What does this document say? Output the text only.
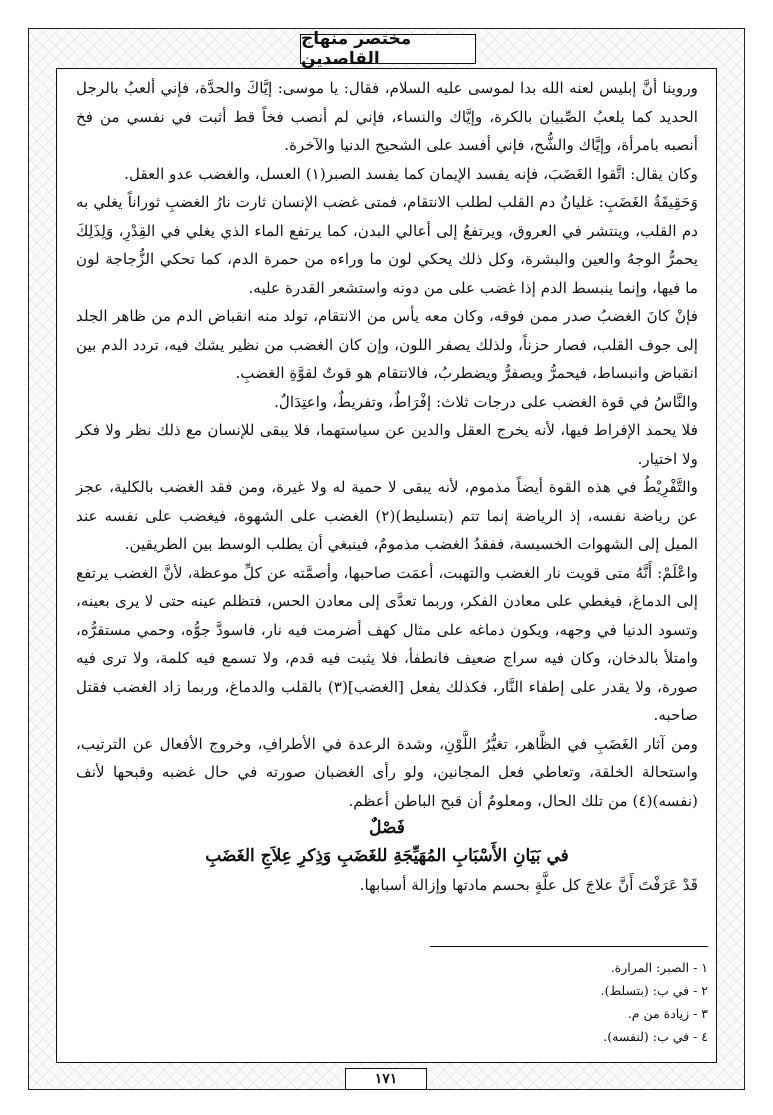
مختصر منهاج القاصدين

وروينا أنَّ إبليس لعنه الله بدا لموسى عليه السلام، فقال: يا موسى: إيَّاكَ والحدَّة، فإني ألعبُ بالرجل الحديد كما يلعبُ الصِّبيان بالكرة، وإيَّاك والنساء، فإني لم أنصب فخاً قط أثبت في نفسي من فخ أنصبه بامرأة، وإيَّاك والشُّح، فإني أفسد على الشحيح الدنيا والآخرة.

وكان يقال: اتَّقوا الغَضَبَ، فإنه يفسد الإيمان كما يفسد الصبر(١) العسل، والغضب عدو العقل.

وَحَقِيقَةُ الغَضَبِ: غليانُ دم القلب لطلب الانتقام، فمتى غضب الإنسان ثارت نارُ الغضبِ ثوراناً يغلي به دم القلب، وينتشر في العروق، ويرتفعُ إلى أعالي البدن، كما يرتفع الماء الذي يغلي في القِدْرِ، وَلِذَلِكَ يحمرُّ الوجهُ والعين والبشرة، وكل ذلك يحكي لون ما وراءه من حمرة الدم، كما تحكي الزُّجاجة لون ما فيها، وإنما ينبسط الدم إذا غضب على من دونه واستشعر القدرة عليه.

فإنْ كانَ الغضبُ صدر ممن فوقه، وكان معه يأس من الانتقام، تولد منه انقباض الدم من ظاهر الجلد إلى جوف القلب، فصار حزناً، ولذلك يصفر اللون، وإن كان الغضب من نظير يشك فيه، تردد الدم بين انقباض وانبساط، فيحمرُّ ويصفرُّ ويضطربُ، فالانتقام هو قوتٌ لقوَّةِ الغضبِ.

والنَّاسُ في قوة الغضب على درجات ثلاث: إفْرَاطٌ، وتفريطٌ، واعتِدَالٌ.

فلا يحمد الإفراط فيها، لأنه يخرج العقل والدين عن سياستهما، فلا يبقى للإنسان مع ذلك نظر ولا فكر ولا اختيار.

والتَّفْرِيْطُ في هذه القوة أيضاً مذموم، لأنه يبقى لا حمية له ولا غيرة، ومن فقد الغضب بالكلية، عجز عن رياضة نفسه، إذ الرياضة إنما تتم (بتسليط)(٢) الغضب على الشهوة، فيغضب على نفسه عند الميل إلى الشهوات الخسيسة، ففقدُ الغضب مذمومٌ، فينبغي أن يطلب الوسط بين الطريقين.

واعْلَمْ: أَنَّهُ متى قويت نار الغضب والتهبت، أعمَت صاحبها، وأصمَّته عن كلِّ موعظة، لأنَّ الغضب يرتفع إلى الدماغ، فيغطي على معادن الفكر، وربما تعدَّى إلى معادن الحس، فتظلم عينه حتى لا يرى بعينه، وتسود الدنيا في وجهه، ويكون دماغه على مثال كهف أضرمت فيه نار، فاسودَّ جوُّه، وحمي مستقرُّه، وامتلأ بالدخان، وكان فيه سراج ضعيف فانطفأ، فلا يثبت فيه قدم، ولا تسمع فيه كلمة، ولا ترى فيه صورة، ولا يقدر على إطفاء النَّار، فكذلك يفعل [الغضب](٣) بالقلب والدماغ، وربما زاد الغضب فقتل صاحبه.

ومن آثار الغَضَبِ في الظَّاهر، تغيُّرُ اللَّوْنِ، وشدة الرعدة في الأطرافِ، وخروج الأفعال عن الترتيب، واستحالة الخلقة، وتعاطي فعل المجانين، ولو رأى الغضبان صورته في حال غضبه وقبحها لأنف (نفسه)(٤) من تلك الحال، ومعلومٌ أن قبح الباطن أعظم.

فَصْلٌ

في بَيَانِ الأَسْبَابِ المُهَيِّجَةِ للغَضَبِ وَذِكرِ عِلاَجِ الغَضَبِ

قَدْ عَرَفْتَ أَنَّ علاجَ كل علَّةٍ بحسم مادتها وإزالة أسبابها.

١ - الصبر: المرارة.
٢ - في ب: (بتسلط).
٣ - زيادة من م.
٤ - في ب: (لنفسه).
١٧١
